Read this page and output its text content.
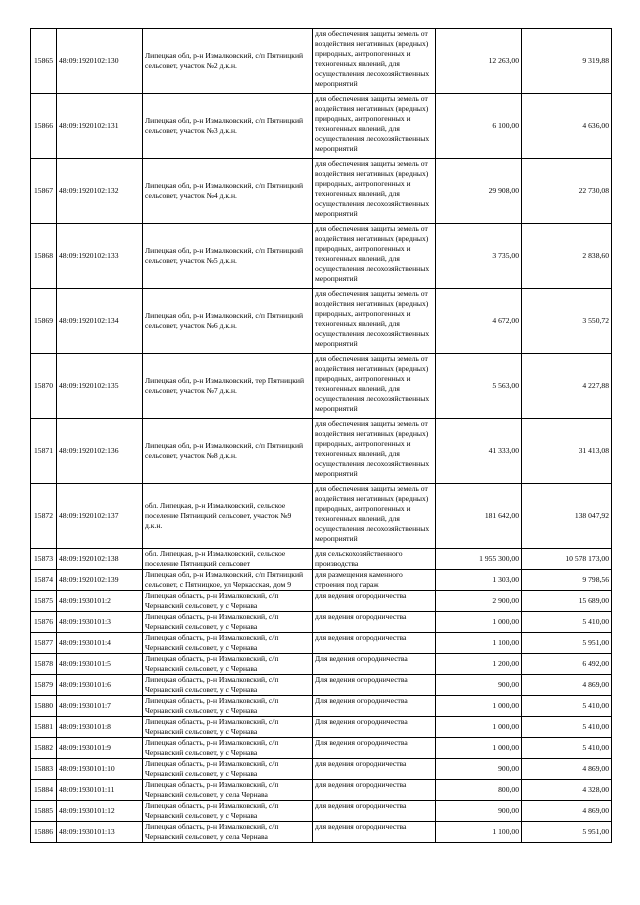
15865	48:09:1920102:130	Липецкая обл, р-н Измалковский, с/п Пятницкий сельсовет, участок №2 д.к.н.	для обеспечения защиты земель от воздействия негативных (вредных) природных, антропогенных и техногенных явлений, для осуществления лесохозяйственных мероприятий	12 263,00	9 319,88
15866	48:09:1920102:131	Липецкая обл, р-н Измалковский, с/п Пятницкий сельсовет, участок №3 д.к.н.	для обеспечения защиты земель от воздействия негативных (вредных) природных, антропогенных и техногенных явлений, для осуществления лесохозяйственных мероприятий	6 100,00	4 636,00
15867	48:09:1920102:132	Липецкая обл, р-н Измалковский, с/п Пятницкий сельсовет, участок №4 д.к.н.	для обеспечения защиты земель от воздействия негативных (вредных) природных, антропогенных и техногенных явлений, для осуществления лесохозяйственных мероприятий	29 908,00	22 730,08
15868	48:09:1920102:133	Липецкая обл, р-н Измалковский, с/п Пятницкий сельсовет, участок №5 д.к.н.	для обеспечения защиты земель от воздействия негативных (вредных) природных, антропогенных и техногенных явлений, для осуществления лесохозяйственных мероприятий	3 735,00	2 838,60
15869	48:09:1920102:134	Липецкая обл, р-н Измалковский, с/п Пятницкий сельсовет, участок №6 д.к.н.	для обеспечения защиты земель от воздействия негативных (вредных) природных, антропогенных и техногенных явлений, для осуществления лесохозяйственных мероприятий	4 672,00	3 550,72
15870	48:09:1920102:135	Липецкая обл, р-н Измалковский, тер Пятницкий сельсовет, участок №7 д.к.н.	для обеспечения защиты земель от воздействия негативных (вредных) природных, антропогенных и техногенных явлений, для осуществления лесохозяйственных мероприятий	5 563,00	4 227,88
15871	48:09:1920102:136	Липецкая обл, р-н Измалковский, с/п Пятницкий сельсовет, участок №8 д.к.н.	для обеспечения защиты земель от воздействия негативных (вредных) природных, антропогенных и техногенных явлений, для осуществления лесохозяйственных мероприятий	41 333,00	31 413,08
15872	48:09:1920102:137	обл. Липецкая, р-н Измалковский, сельское поселение Пятницкий сельсовет, участок №9 д.к.н.	для обеспечения защиты земель от воздействия негативных (вредных) природных, антропогенных и техногенных явлений, для осуществления лесохозяйственных мероприятий	181 642,00	138 047,92
15873	48:09:1920102:138	обл. Липецкая, р-н Измалковский, сельское поселение Пятницкий сельсовет	для сельскохозяйственного производства	1 955 300,00	10 578 173,00
15874	48:09:1920102:139	Липецкая обл, р-н Измалковский, с/п Пятницкий сельсовет, с Пятницкое, ул Черкасская, дом 9	для размещения каменного строения под гараж	1 303,00	9 798,56
15875	48:09:1930101:2	Липецкая область, р-н Измалковский, с/п Чернавский сельсовет, у с Чернава	для ведения огородничества	2 900,00	15 689,00
15876	48:09:1930101:3	Липецкая область, р-н Измалковский, с/п Чернавский сельсовет, у с Чернава	для ведения огородничества	1 000,00	5 410,00
15877	48:09:1930101:4	Липецкая область, р-н Измалковский, с/п Чернавский сельсовет, у с Чернава	для ведения огородничества	1 100,00	5 951,00
15878	48:09:1930101:5	Липецкая область, р-н Измалковский, с/п Чернавский сельсовет, у с Чернава	Для ведения огородничества	1 200,00	6 492,00
15879	48:09:1930101:6	Липецкая область, р-н Измалковский, с/п Чернавский сельсовет, у с Чернава	Для ведения огородничества	900,00	4 869,00
15880	48:09:1930101:7	Липецкая область, р-н Измалковский, с/п Чернавский сельсовет, у с Чернава	Для ведения огородничества	1 000,00	5 410,00
15881	48:09:1930101:8	Липецкая область, р-н Измалковский, с/п Чернавский сельсовет, у с Чернава	Для ведения огородничества	1 000,00	5 410,00
15882	48:09:1930101:9	Липецкая область, р-н Измалковский, с/п Чернавский сельсовет, у с Чернава	Для ведения огородничества	1 000,00	5 410,00
15883	48:09:1930101:10	Липецкая область, р-н Измалковский, с/п Чернавский сельсовет, у с Чернава	для ведения огородничества	900,00	4 869,00
15884	48:09:1930101:11	Липецкая область, р-н Измалковский, с/п Чернавский сельсовет, у села Чернава	для ведения огородничества	800,00	4 328,00
15885	48:09:1930101:12	Липецкая область, р-н Измалковский, с/п Чернавский сельсовет, у с Чернава	для ведения огородничества	900,00	4 869,00
15886	48:09:1930101:13	Липецкая область, р-н Измалковский, с/п Чернавский сельсовет, у села Чернава	для ведения огородничества	1 100,00	5 951,00
